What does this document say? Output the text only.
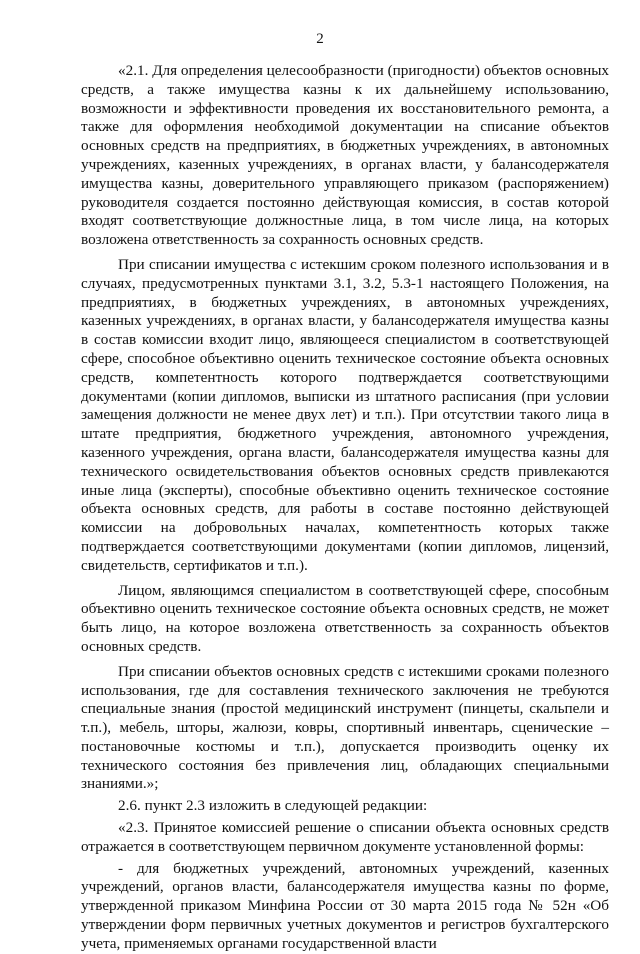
2

«2.1. Для определения целесообразности (пригодности) объектов основных средств, а также имущества казны к их дальнейшему использованию, возможности и эффективности проведения их восстановительного ремонта, а также для оформления необходимой документации на списание объектов основных средств на предприятиях, в бюджетных учреждениях, в автономных учреждениях, казенных учреждениях, в органах власти, у балансодержателя имущества казны, доверительного управляющего приказом (распоряжением) руководителя создается постоянно действующая комиссия, в состав которой входят соответствующие должностные лица, в том числе лица, на которых возложена ответственность за сохранность основных средств.

При списании имущества с истекшим сроком полезного использования и в случаях, предусмотренных пунктами 3.1, 3.2, 5.3-1 настоящего Положения, на предприятиях, в бюджетных учреждениях, в автономных учреждениях, казенных учреждениях, в органах власти, у балансодержателя имущества казны в состав комиссии входит лицо, являющееся специалистом в соответствующей сфере, способное объективно оценить техническое состояние объекта основных средств, компетентность которого подтверждается соответствующими документами (копии дипломов, выписки из штатного расписания (при условии замещения должности не менее двух лет) и т.п.). При отсутствии такого лица в штате предприятия, бюджетного учреждения, автономного учреждения, казенного учреждения, органа власти, балансодержателя имущества казны для технического освидетельствования объектов основных средств привлекаются иные лица (эксперты), способные объективно оценить техническое состояние объекта основных средств, для работы в составе постоянно действующей комиссии на добровольных началах, компетентность которых также подтверждается соответствующими документами (копии дипломов, лицензий, свидетельств, сертификатов и т.п.).

Лицом, являющимся специалистом в соответствующей сфере, способным объективно оценить техническое состояние объекта основных средств, не может быть лицо, на которое возложена ответственность за сохранность объектов основных средств.

При списании объектов основных средств с истекшими сроками полезного использования, где для составления технического заключения не требуются специальные знания (простой медицинский инструмент (пинцеты, скальпели и т.п.), мебель, шторы, жалюзи, ковры, спортивный инвентарь, сценические – постановочные костюмы и т.п.), допускается производить оценку их технического состояния без привлечения лиц, обладающих специальными знаниями.»;

2.6. пункт 2.3 изложить в следующей редакции:

«2.3. Принятое комиссией решение о списании объекта основных средств отражается в соответствующем первичном документе установленной формы:

- для бюджетных учреждений, автономных учреждений, казенных учреждений, органов власти, балансодержателя имущества казны по форме, утвержденной приказом Минфина России от 30 марта 2015 года № 52н «Об утверждении форм первичных учетных документов и регистров бухгалтерского учета, применяемых органами государственной власти
